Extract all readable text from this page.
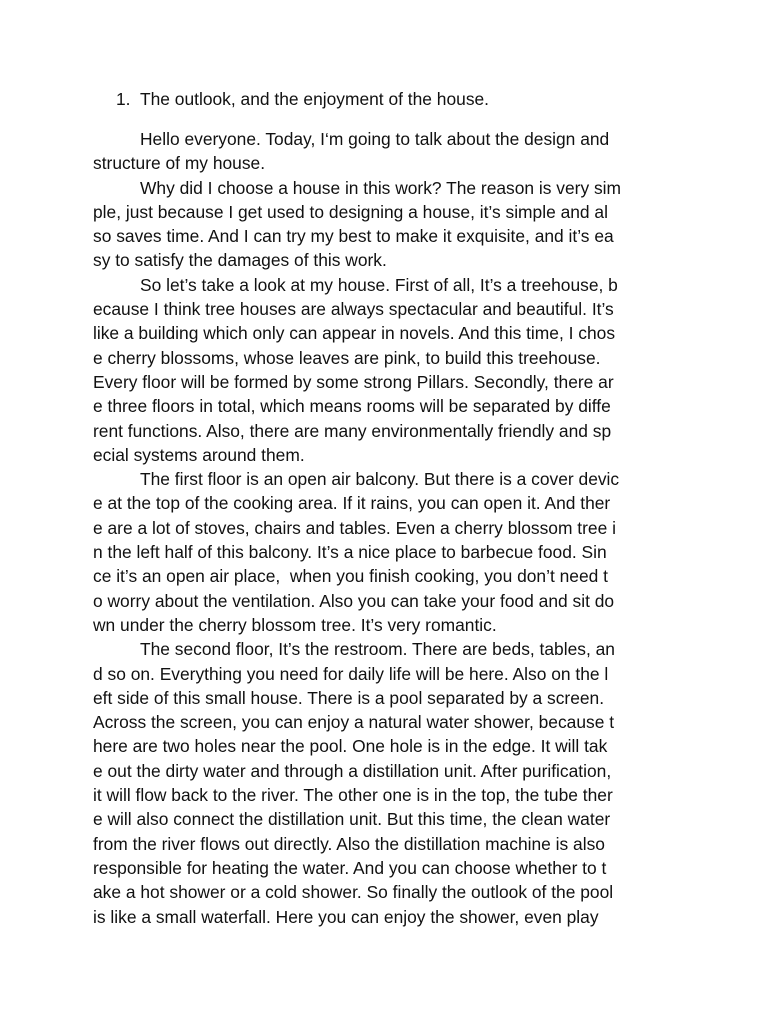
1. The outlook, and the enjoyment of the house.
Hello everyone. Today, I‘m going to talk about the design and
structure of my house.
Why did I choose a house in this work? The reason is very sim
ple, just because I get used to designing a house, it’s simple and al
so saves time. And I can try my best to make it exquisite, and it’s ea
sy to satisfy the damages of this work.
So let’s take a look at my house. First of all, It’s a treehouse, b
ecause I think tree houses are always spectacular and beautiful. It’s
like a building which only can appear in novels. And this time, I chos
e cherry blossoms, whose leaves are pink, to build this treehouse.
Every floor will be formed by some strong Pillars. Secondly, there ar
e three floors in total, which means rooms will be separated by diffe
rent functions. Also, there are many environmentally friendly and sp
ecial systems around them.
The first floor is an open air balcony. But there is a cover devic
e at the top of the cooking area. If it rains, you can open it. And ther
e are a lot of stoves, chairs and tables. Even a cherry blossom tree i
n the left half of this balcony. It’s a nice place to barbecue food. Sin
ce it’s an open air place,  when you finish cooking, you don’t need t
o worry about the ventilation. Also you can take your food and sit do
wn under the cherry blossom tree. It’s very romantic.
The second floor, It’s the restroom. There are beds, tables, an
d so on. Everything you need for daily life will be here. Also on the l
eft side of this small house. There is a pool separated by a screen.
Across the screen, you can enjoy a natural water shower, because t
here are two holes near the pool. One hole is in the edge. It will tak
e out the dirty water and through a distillation unit. After purification,
it will flow back to the river. The other one is in the top, the tube ther
e will also connect the distillation unit. But this time, the clean water
from the river flows out directly. Also the distillation machine is also
responsible for heating the water. And you can choose whether to t
ake a hot shower or a cold shower. So finally the outlook of the pool
is like a small waterfall. Here you can enjoy the shower, even play
